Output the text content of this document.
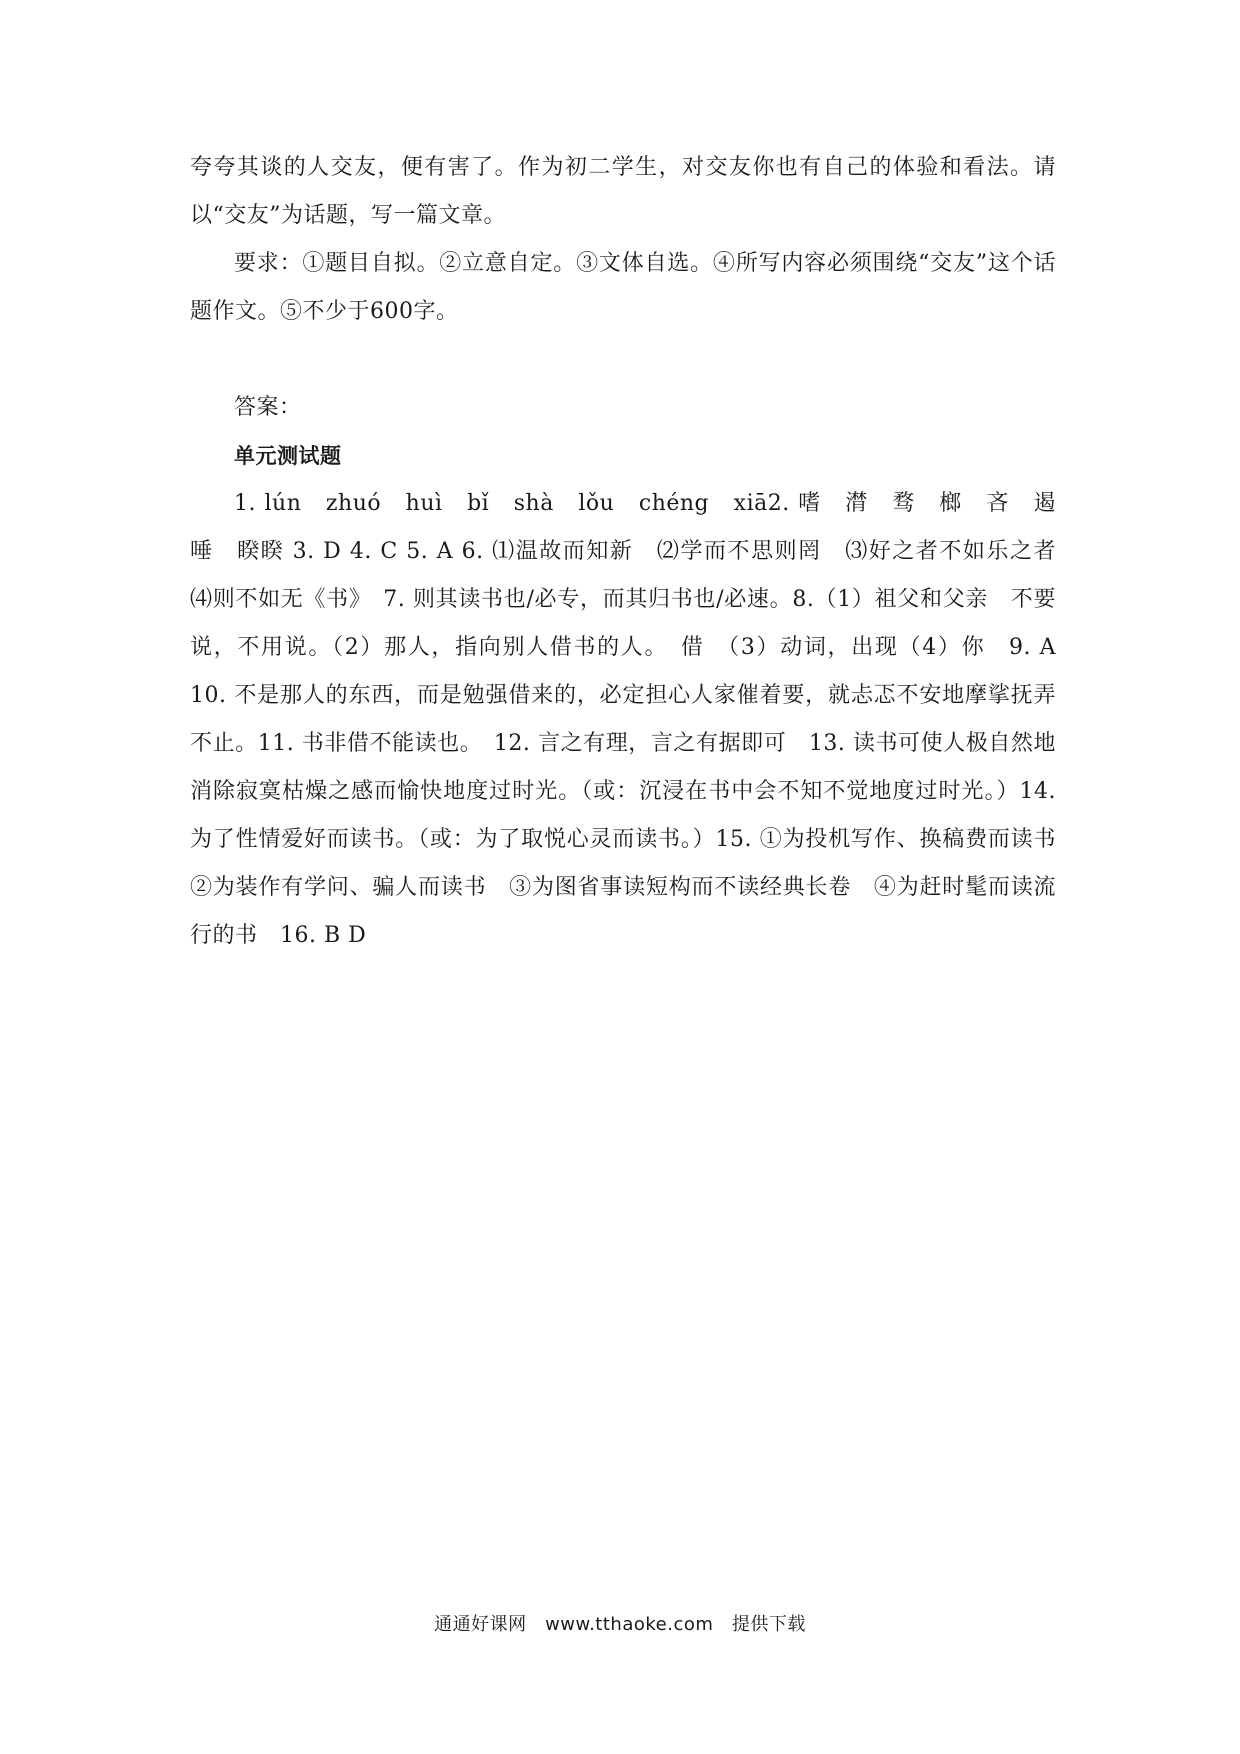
夸夸其谈的人交友，便有害了。作为初二学生，对交友你也有自己的体验和看法。请以“交友”为话题，写一篇文章。

要求：①题目自拟。②立意自定。③文体自选。④所写内容必须围绕“交友”这个话题作文。⑤不少于600字。

答案：

单元测试题

1. lún　zhuó　huì　bǐ　shà　lǒu　chéng　xiā2. 嗜　潸　骛　榔　吝　遏　唾　睽睽 3. D 4. C 5. A 6. ⑴温故而知新　⑵学而不思则罔　⑶好之者不如乐之者　⑷则不如无《书》　7. 则其读书也/必专，而其归书也/必速。8.（1）祖父和父亲　不要说，不用说。（2）那人，指向别人借书的人。　借　（3）动词，出现（4）你　9. A　10. 不是那人的东西，而是勉强借来的，必定担心人家催着要，就忐忑不安地摩挲抚弄不止。11. 书非借不能读也。　12. 言之有理，言之有据即可　13. 读书可使人极自然地消除寂寞枯燥之感而愉快地度过时光。（或：沉浸在书中会不知不觉地度过时光。）14. 为了性情爱好而读书。（或：为了取悦心灵而读书。）15. ①为投机写作、换稿费而读书　②为装作有学问、骗人而读书　③为图省事读短构而不读经典长卷　④为赶时髦而读流行的书　16. B D

通通好课网　www.tthaoke.com　提供下载
